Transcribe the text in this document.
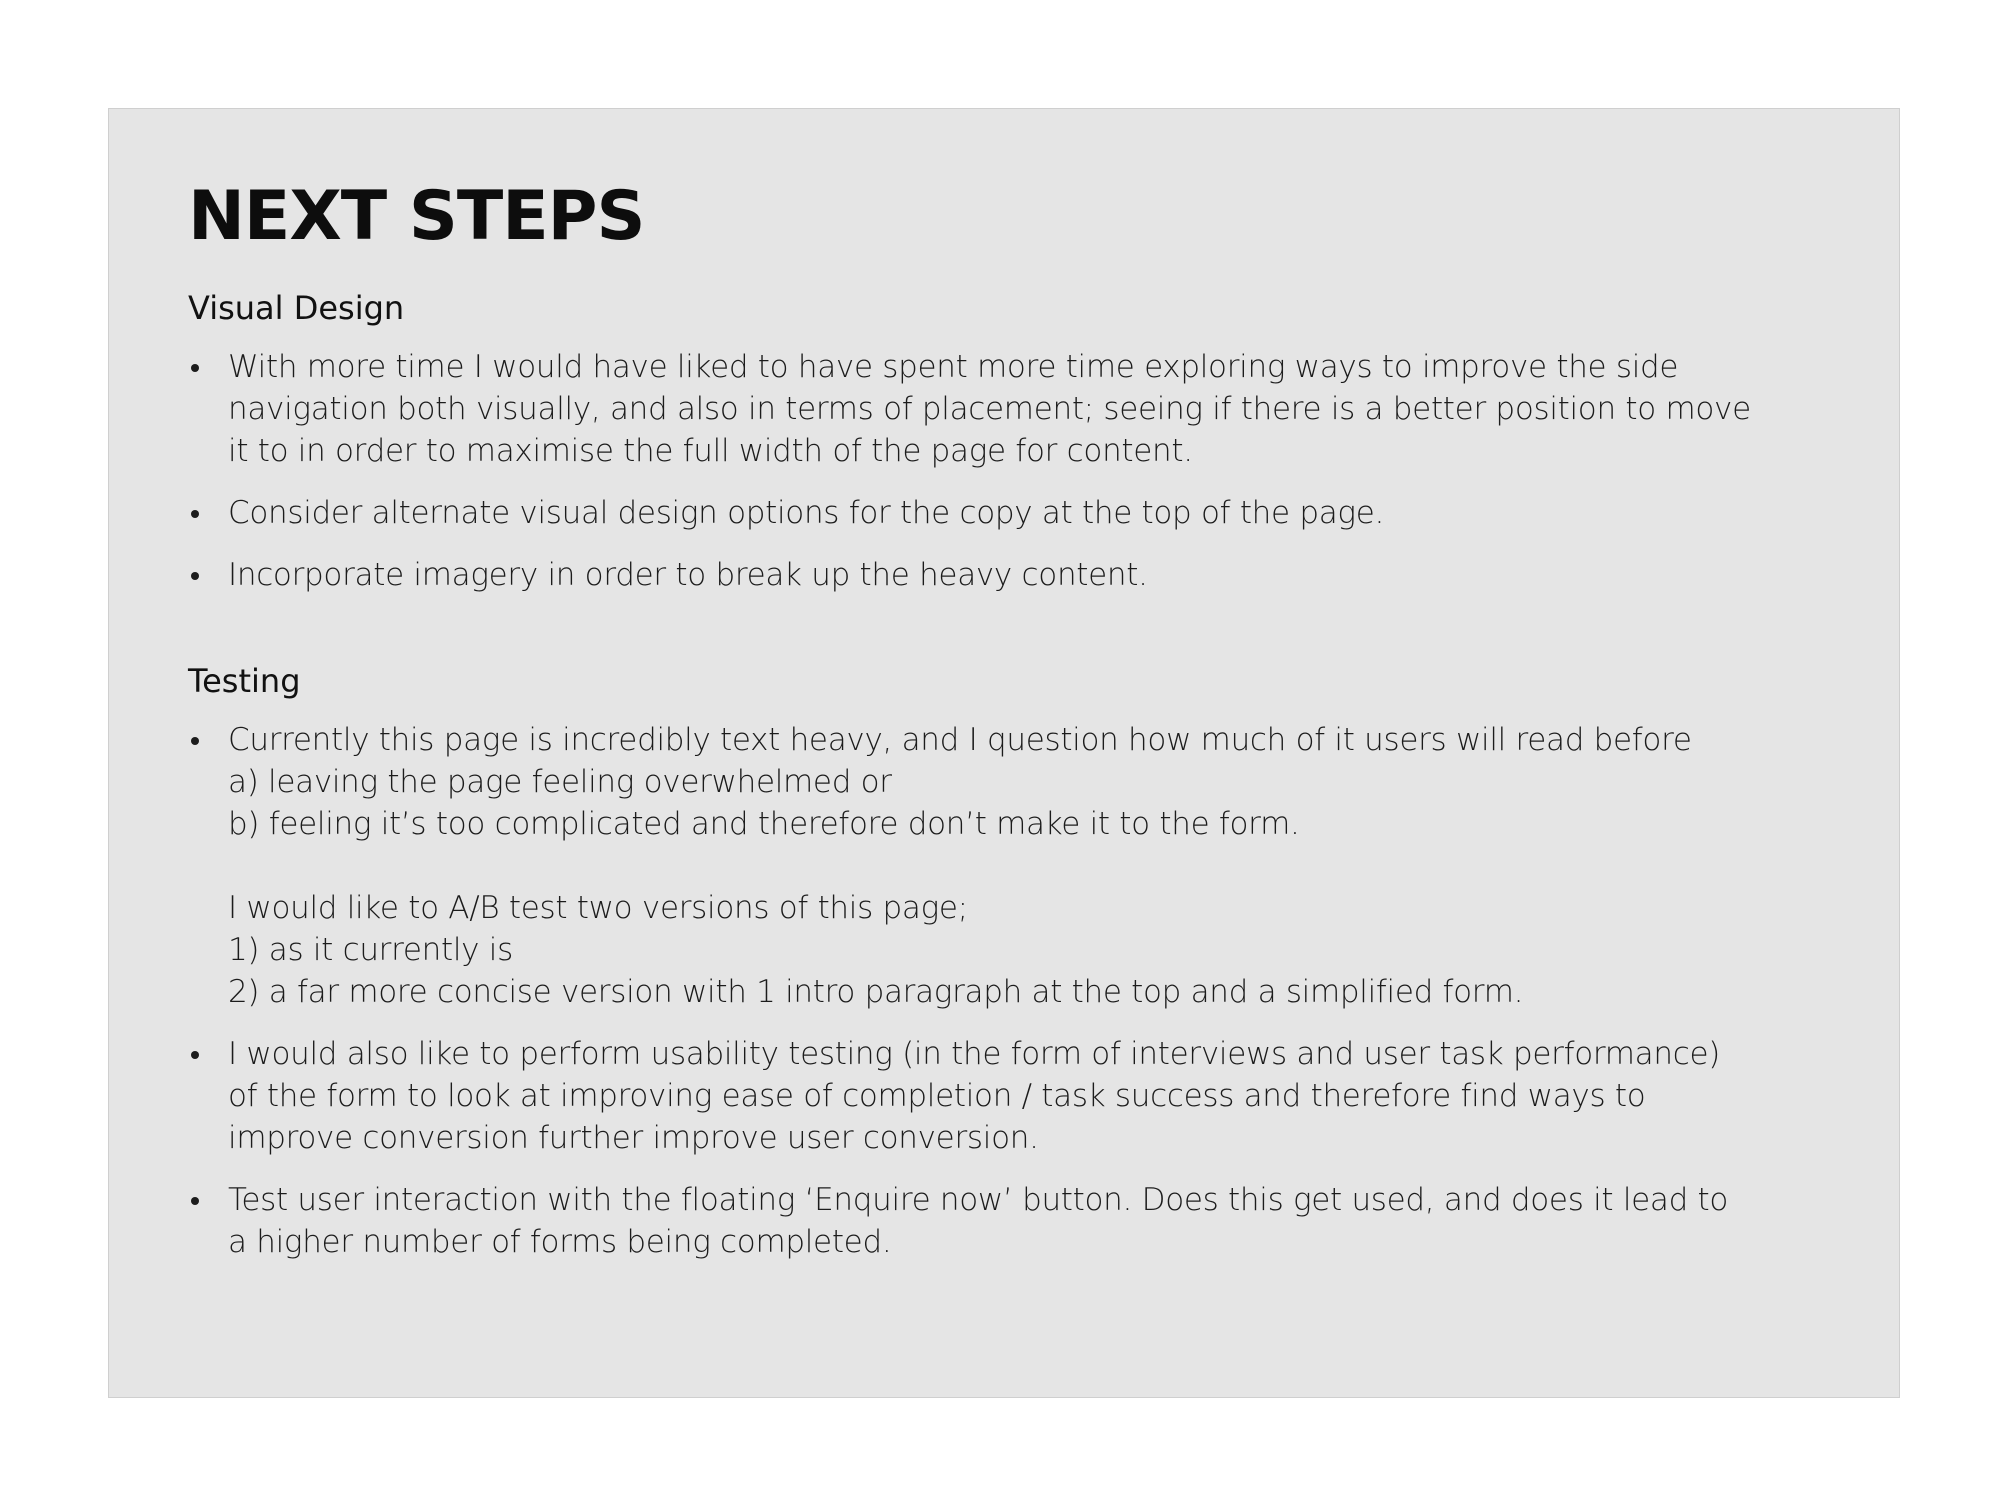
NEXT STEPS
Visual Design
With more time I would have liked to have spent more time exploring ways to improve the side
navigation both visually, and also in terms of placement; seeing if there is a better position to move
it to in order to maximise the full width of the page for content.
Consider alternate visual design options for the copy at the top of the page.
Incorporate imagery in order to break up the heavy content.
Testing
Currently this page is incredibly text heavy, and I question how much of it users will read before
a) leaving the page feeling overwhelmed or
b) feeling it’s too complicated and therefore don’t make it to the form.
I would like to A/B test two versions of this page;
1) as it currently is
2) a far more concise version with 1 intro paragraph at the top and a simplified form.
I would also like to perform usability testing (in the form of interviews and user task performance)
of the form to look at improving ease of completion / task success and therefore find ways to
improve conversion further improve user conversion.
Test user interaction with the floating ‘Enquire now’ button. Does this get used, and does it lead to
a higher number of forms being completed.
